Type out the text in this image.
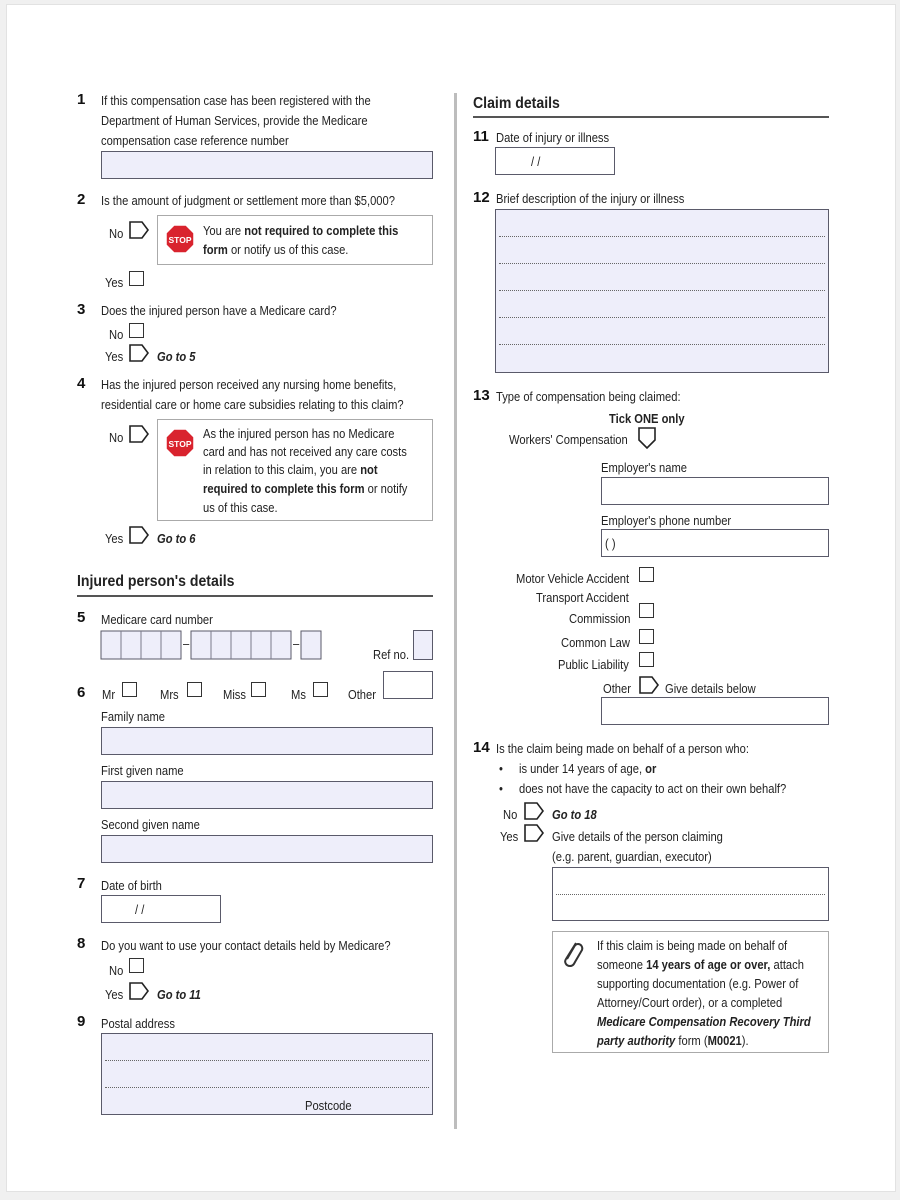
1 If this compensation case has been registered with the
Department of Human Services, provide the Medicare
compensation case reference number
2 Is the amount of judgment or settlement more than $5,000?
No	STOP
You are not required to complete this
form or notify us of this case.
Yes
3 Does the injured person have a Medicare card?
No
Yes	Go to 5
4 Has the injured person received any nursing home benefits,
residential care or home care subsidies relating to this claim?
No	STOP
As the injured person has no Medicare
card and has not received any care costs
in relation to this claim, you are not
required to complete this form or notify
us of this case.
Yes	Go to 6
Injured person's details
5 Medicare card number
–	–
Ref no.
6 Mr	Mrs	Miss	Ms	Other
Family name
First given name
Second given name
7 Date of birth
/ /
8 Do you want to use your contact details held by Medicare?
No
Yes	Go to 11
9 Postal address
Postcode
Claim details
11 Date of injury or illness
/ /
12 Brief description of the injury or illness
13 Type of compensation being claimed:
Tick ONE only
Workers' Compensation
Employer's name
Employer's phone number
( )
Motor Vehicle Accident
Transport Accident
Commission
Common Law
Public Liability
Other	Give details below
14 Is the claim being made on behalf of a person who:
• is under 14 years of age, or
• does not have the capacity to act on their own behalf?
No	Go to 18
Yes	Give details of the person claiming
(e.g. parent, guardian, executor)
If this claim is being made on behalf of
someone 14 years of age or over, attach
supporting documentation (e.g. Power of
Attorney/Court order), or a completed
Medicare Compensation Recovery Third
party authority form (M0021).
